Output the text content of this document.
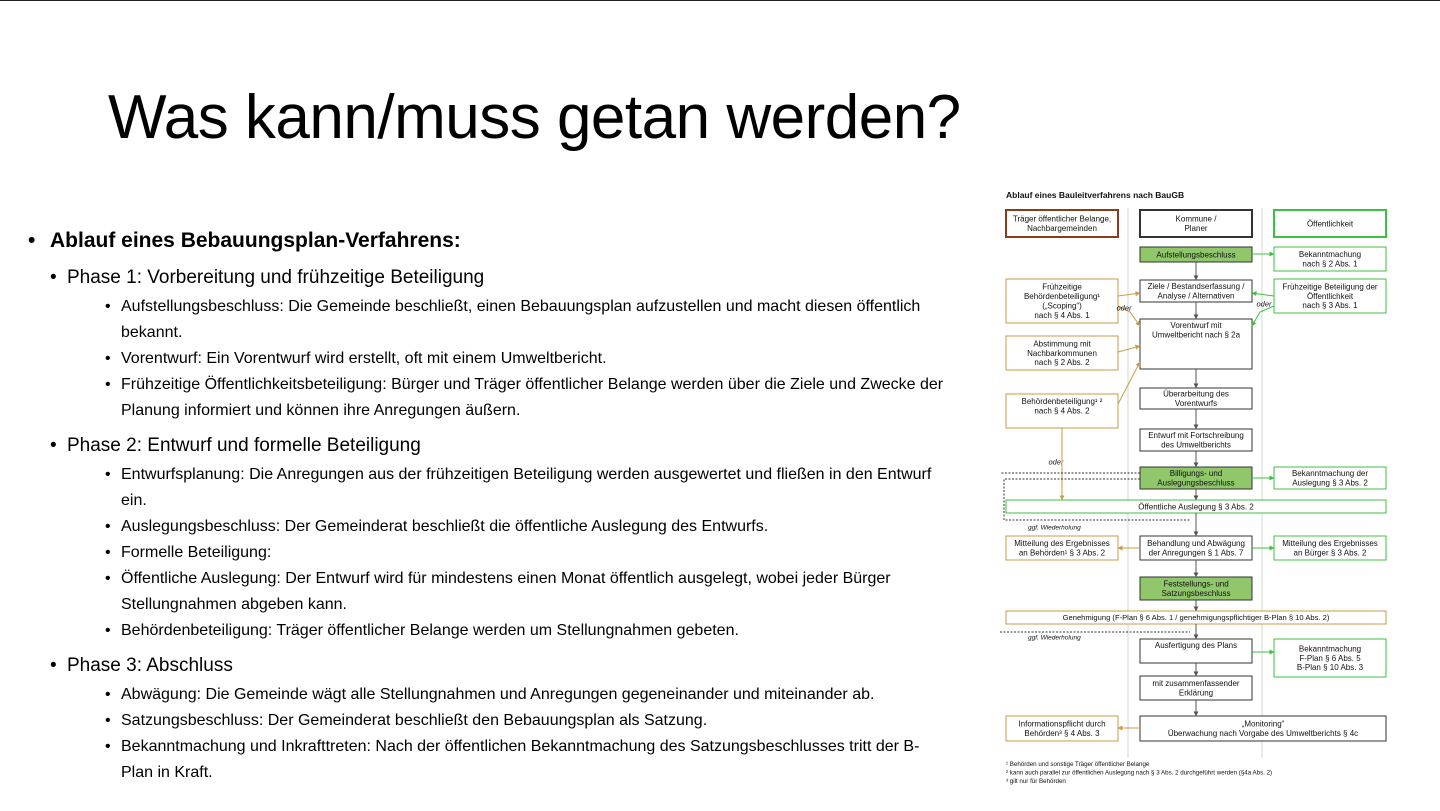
Was kann/muss getan werden?
• Ablauf eines Bebauungsplan-Verfahrens:
• Phase 1: Vorbereitung und frühzeitige Beteiligung
• Aufstellungsbeschluss: Die Gemeinde beschließt, einen Bebauungsplan aufzustellen und macht diesen öffentlich bekannt.
• Vorentwurf: Ein Vorentwurf wird erstellt, oft mit einem Umweltbericht.
• Frühzeitige Öffentlichkeitsbeteiligung: Bürger und Träger öffentlicher Belange werden über die Ziele und Zwecke der Planung informiert und können ihre Anregungen äußern.
• Phase 2: Entwurf und formelle Beteiligung
• Entwurfsplanung: Die Anregungen aus der frühzeitigen Beteiligung werden ausgewertet und fließen in den Entwurf ein.
• Auslegungsbeschluss: Der Gemeinderat beschließt die öffentliche Auslegung des Entwurfs.
• Formelle Beteiligung:
• Öffentliche Auslegung: Der Entwurf wird für mindestens einen Monat öffentlich ausgelegt, wobei jeder Bürger Stellungnahmen abgeben kann.
• Behördenbeteiligung: Träger öffentlicher Belange werden um Stellungnahmen gebeten.
• Phase 3: Abschluss
• Abwägung: Die Gemeinde wägt alle Stellungnahmen und Anregungen gegeneinander und miteinander ab.
• Satzungsbeschluss: Der Gemeinderat beschließt den Bebauungsplan als Satzung.
• Bekanntmachung und Inkrafttreten: Nach der öffentlichen Bekanntmachung des Satzungsbeschlusses tritt der B-Plan in Kraft.
Ablauf eines Bauleitverfahrens nach BauGB
Träger öffentlicher Belange, Nachbargemeinden
Kommune / Planer
Öffentlichkeit
Aufstellungsbeschluss
Ziele / Bestandserfassung / Analyse / Alternativen
Vorentwurf mit Umweltbericht nach § 2a
Überarbeitung des Vorentwurfs
Entwurf mit Fortschreibung des Umweltberichts
Billigungs- und Auslegungsbeschluss
Behandlung und Abwägung der Anregungen § 1 Abs. 7
Feststellungs- und Satzungsbeschluss
Ausfertigung des Plans
mit zusammenfassender Erklärung
„Monitoring“ Überwachung nach Vorgabe des Umweltberichts § 4c
Frühzeitige Behördenbeteiligung¹ („Scoping“) nach § 4 Abs. 1
Abstimmung mit Nachbarkommunen nach § 2 Abs. 2
Behördenbeteiligung¹ ² nach § 4 Abs. 2
Mitteilung des Ergebnisses an Behörden¹ § 3 Abs. 2
Informationspflicht durch Behörden³ § 4 Abs. 3
Bekanntmachung nach § 2 Abs. 1
Frühzeitige Beteiligung der Öffentlichkeit nach § 3 Abs. 1
Bekanntmachung der Auslegung § 3 Abs. 2
Mitteilung des Ergebnisses an Bürger § 3 Abs. 2
Bekanntmachung F-Plan § 6 Abs. 5 B-Plan § 10 Abs. 3
Öffentliche Auslegung § 3 Abs. 2
Genehmigung (F-Plan § 6 Abs. 1 / genehmigungspflichtiger B-Plan § 10 Abs. 2)
oder	oder
oder
ggf. Wiederholung
ggf. Wiederholung
¹ Behörden und sonstige Träger öffentlicher Belange
² kann auch parallel zur öffentlichen Auslegung nach § 3 Abs. 2 durchgeführt werden (§4a Abs. 2)
³ gilt nur für Behörden
